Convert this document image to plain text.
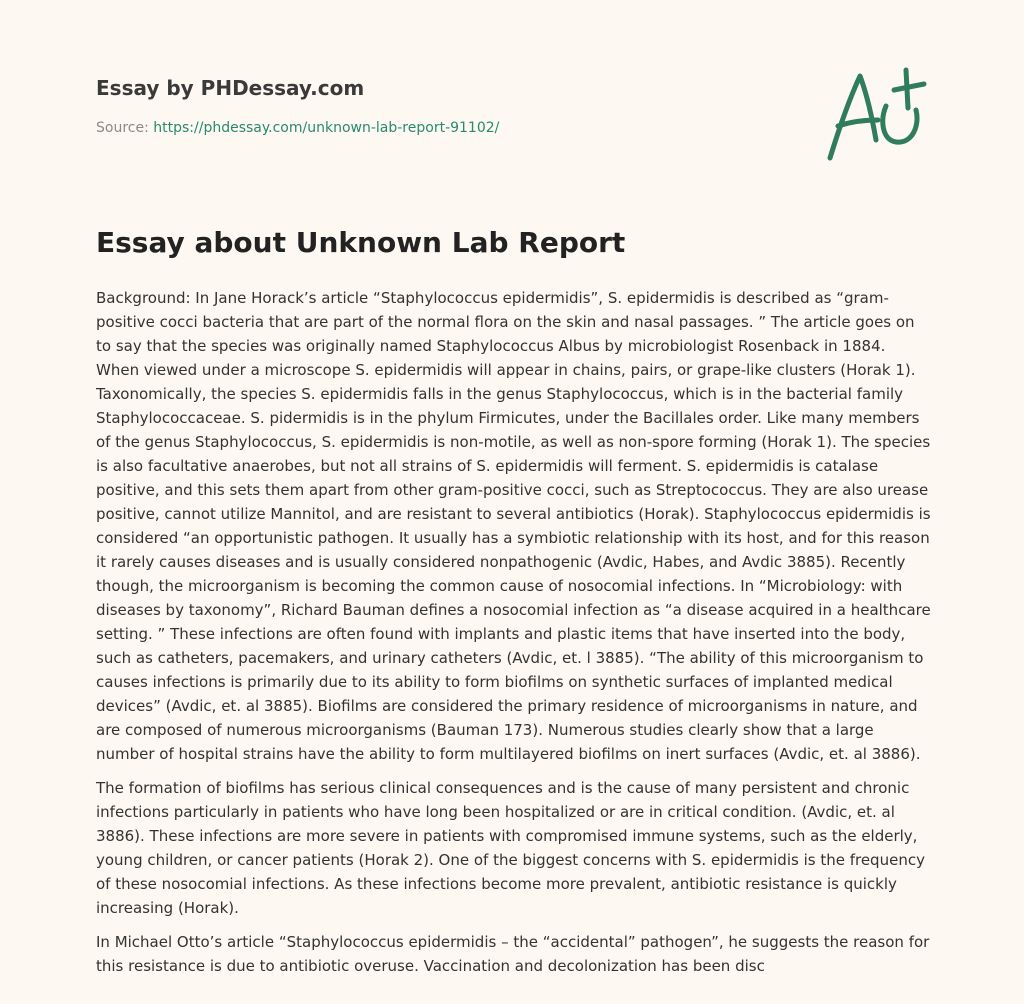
Essay by PHDessay.com
Source: https://phdessay.com/unknown-lab-report-91102/
Essay about Unknown Lab Report

Background: In Jane Horack’s article “Staphylococcus epidermidis”, S. epidermidis is described as “gram-positive cocci bacteria that are part of the normal flora on the skin and nasal passages. ” The article goes on to say that the species was originally named Staphylococcus Albus by microbiologist Rosenback in 1884. When viewed under a microscope S. epidermidis will appear in chains, pairs, or grape-like clusters (Horak 1). Taxonomically, the species S. epidermidis falls in the genus Staphylococcus, which is in the bacterial family Staphylococcaceae. S. pidermidis is in the phylum Firmicutes, under the Bacillales order. Like many members of the genus Staphylococcus, S. epidermidis is non-motile, as well as non-spore forming (Horak 1). The species is also facultative anaerobes, but not all strains of S. epidermidis will ferment. S. epidermidis is catalase positive, and this sets them apart from other gram-positive cocci, such as Streptococcus. They are also urease positive, cannot utilize Mannitol, and are resistant to several antibiotics (Horak). Staphylococcus epidermidis is considered “an opportunistic pathogen. It usually has a symbiotic relationship with its host, and for this reason it rarely causes diseases and is usually considered nonpathogenic (Avdic, Habes, and Avdic 3885). Recently though, the microorganism is becoming the common cause of nosocomial infections. In “Microbiology: with diseases by taxonomy”, Richard Bauman defines a nosocomial infection as “a disease acquired in a healthcare setting. ” These infections are often found with implants and plastic items that have inserted into the body, such as catheters, pacemakers, and urinary catheters (Avdic, et. l 3885). “The ability of this microorganism to causes infections is primarily due to its ability to form biofilms on synthetic surfaces of implanted medical devices” (Avdic, et. al 3885). Biofilms are considered the primary residence of microorganisms in nature, and are composed of numerous microorganisms (Bauman 173). Numerous studies clearly show that a large number of hospital strains have the ability to form multilayered biofilms on inert surfaces (Avdic, et. al 3886).

The formation of biofilms has serious clinical consequences and is the cause of many persistent and chronic infections particularly in patients who have long been hospitalized or are in critical condition. (Avdic, et. al 3886). These infections are more severe in patients with compromised immune systems, such as the elderly, young children, or cancer patients (Horak 2). One of the biggest concerns with S. epidermidis is the frequency of these nosocomial infections. As these infections become more prevalent, antibiotic resistance is quickly increasing (Horak).

In Michael Otto’s article “Staphylococcus epidermidis – the “accidental” pathogen”, he suggests the reason for this resistance is due to antibiotic overuse. Vaccination and decolonization has been disc
